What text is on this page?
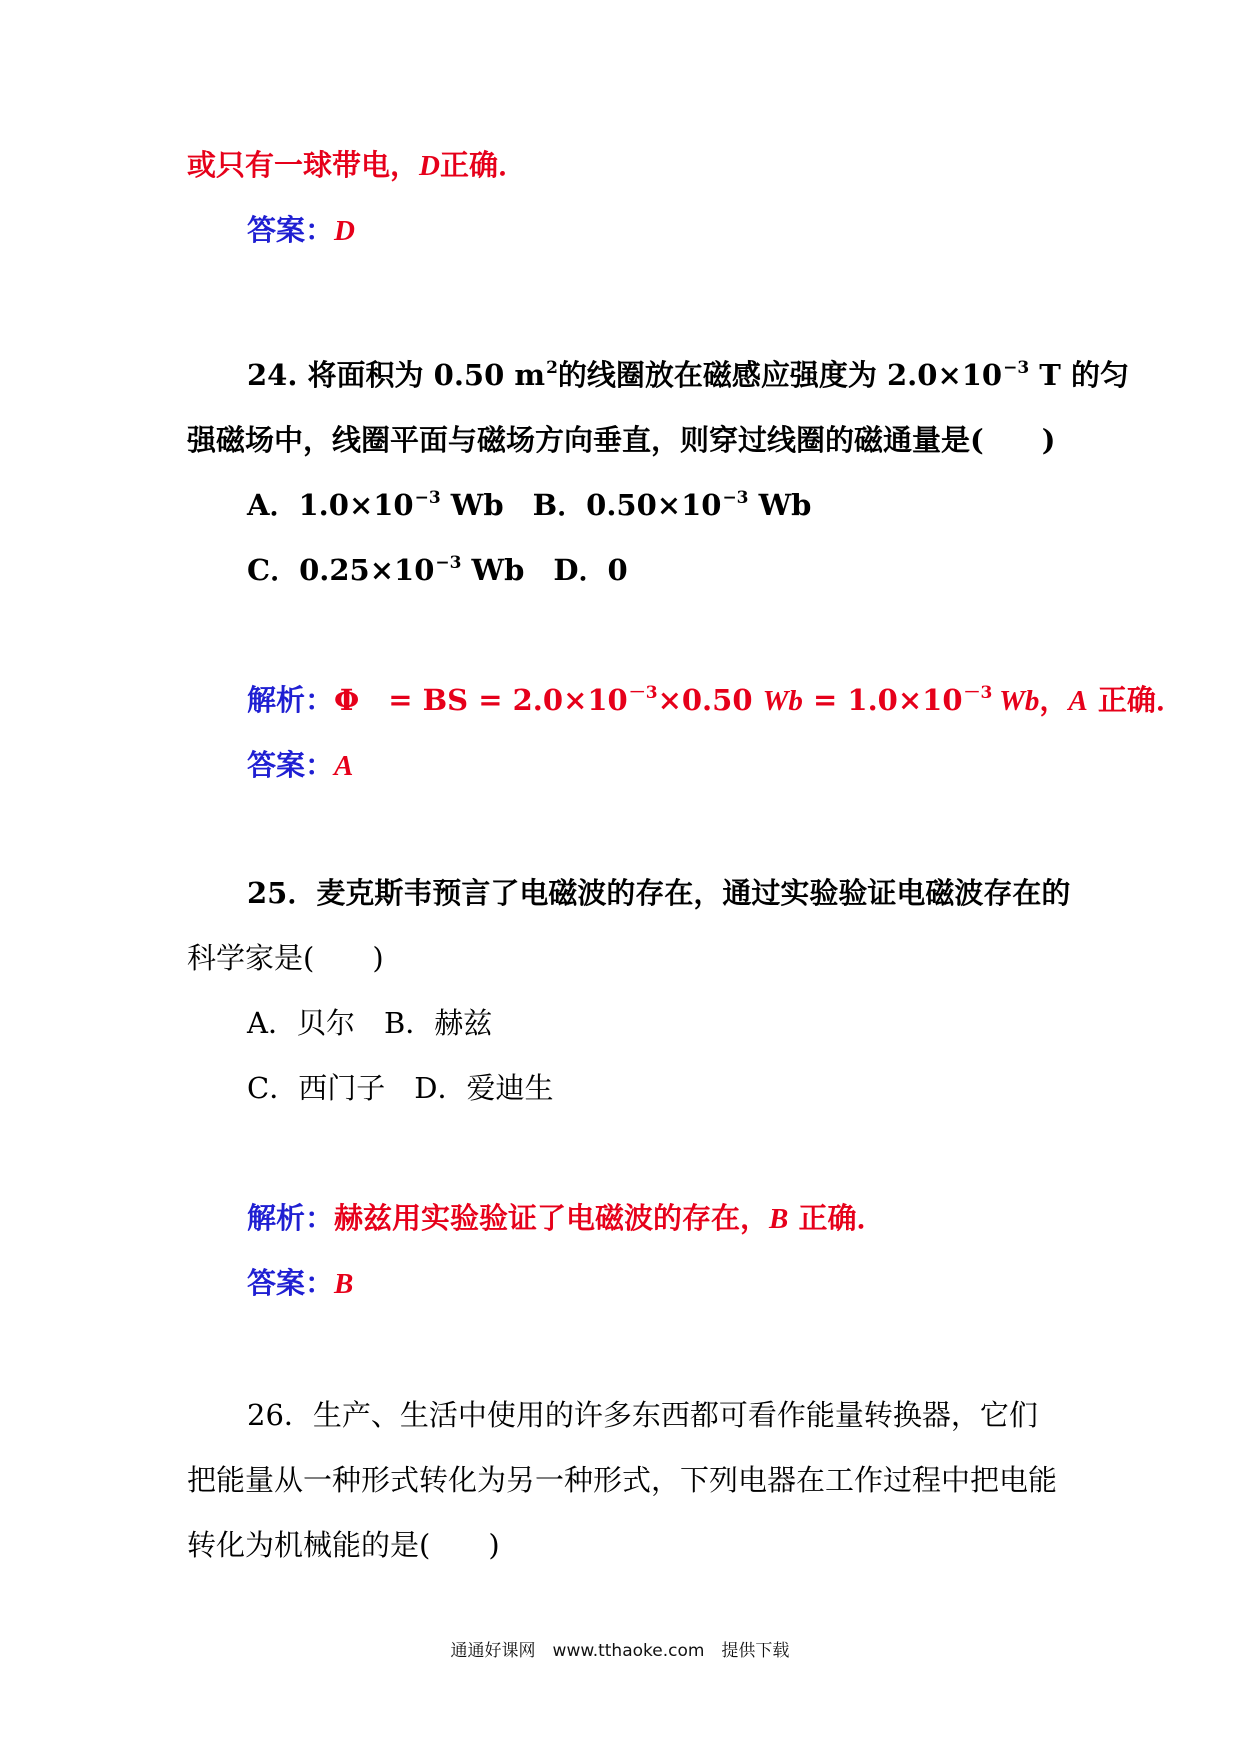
或只有一球带电，D正确．
答案：D
24. 将面积为 0.50 $m^2$的线圈放在磁感应强度为 $2.0\times 10^{-3}$ T 的匀
强磁场中，线圈平面与磁场方向垂直，则穿过线圈的磁通量是(　　)
A．$1.0\times 10^{-3}$ Wb　B．$0.50\times 10^{-3}$ Wb
C．$0.25\times 10^{-3}$ Wb　D．0
解析：Φ　= BS = $2.0\times 10^{-3}\times 0.50$ $Wb = 1.0\times 10^{-3}$ Wb，A 正确．
答案：A
25．麦克斯韦预言了电磁波的存在，通过实验验证电磁波存在的
科学家是(　　)
A．贝尔　B．赫兹
C．西门子　D．爱迪生
解析：赫兹用实验验证了电磁波的存在，B 正确．
答案：B
26．生产、生活中使用的许多东西都可看作能量转换器，它们
把能量从一种形式转化为另一种形式，下列电器在工作过程中把电能
转化为机械能的是(　　)
通通好课网　www.tthaoke.com　提供下载
